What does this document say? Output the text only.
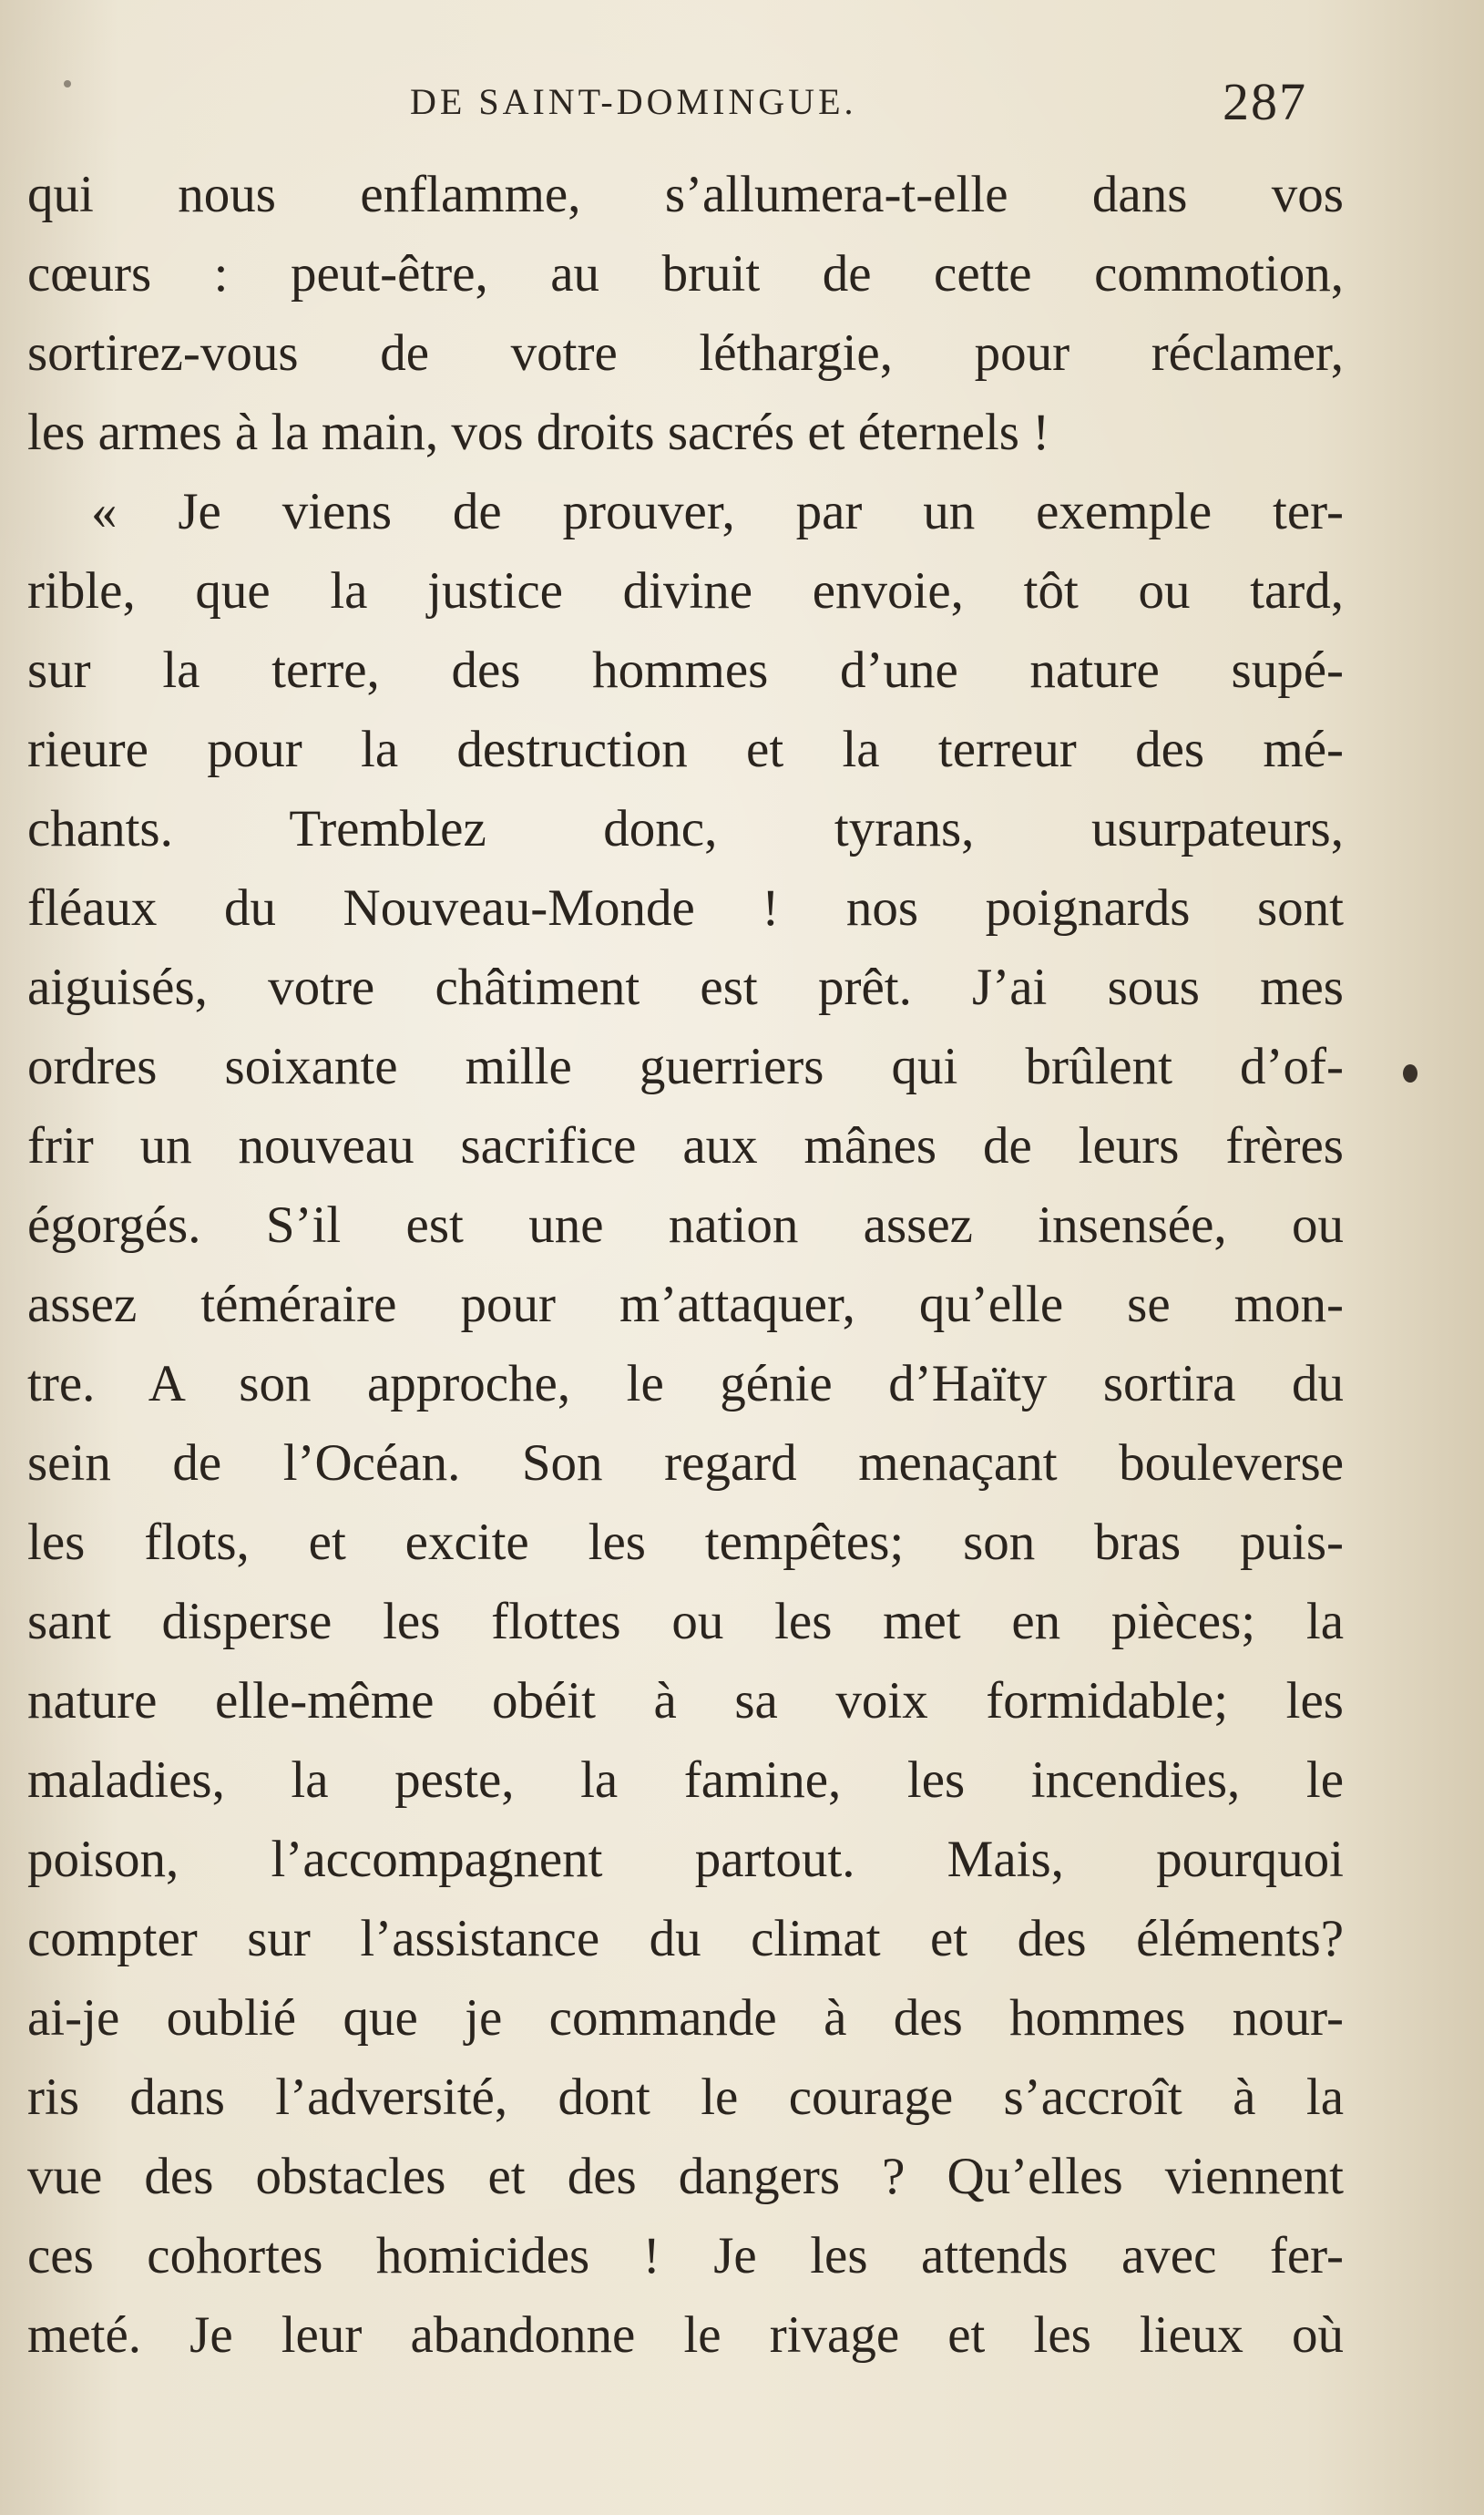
DE SAINT-DOMINGUE.	287
qui nous enflamme, s’allumera-t-elle dans vos
cœurs : peut-être, au bruit de cette commotion,
sortirez-vous de votre léthargie, pour réclamer,
les armes à la main, vos droits sacrés et éternels !
« Je viens de prouver, par un exemple ter-
rible, que la justice divine envoie, tôt ou tard,
sur la terre, des hommes d’une nature supé-
rieure pour la destruction et la terreur des mé-
chants. Tremblez donc, tyrans, usurpateurs,
fléaux du Nouveau-Monde ! nos poignards sont
aiguisés, votre châtiment est prêt. J’ai sous mes
ordres soixante mille guerriers qui brûlent d’of-
frir un nouveau sacrifice aux mânes de leurs frères
égorgés. S’il est une nation assez insensée, ou
assez téméraire pour m’attaquer, qu’elle se mon-
tre. A son approche, le génie d’Haïty sortira du
sein de l’Océan. Son regard menaçant bouleverse
les flots, et excite les tempêtes; son bras puis-
sant disperse les flottes ou les met en pièces; la
nature elle-même obéit à sa voix formidable; les
maladies, la peste, la famine, les incendies, le
poison, l’accompagnent partout. Mais, pourquoi
compter sur l’assistance du climat et des éléments?
ai-je oublié que je commande à des hommes nour-
ris dans l’adversité, dont le courage s’accroît à la
vue des obstacles et des dangers ? Qu’elles viennent
ces cohortes homicides ! Je les attends avec fer-
meté. Je leur abandonne le rivage et les lieux où
